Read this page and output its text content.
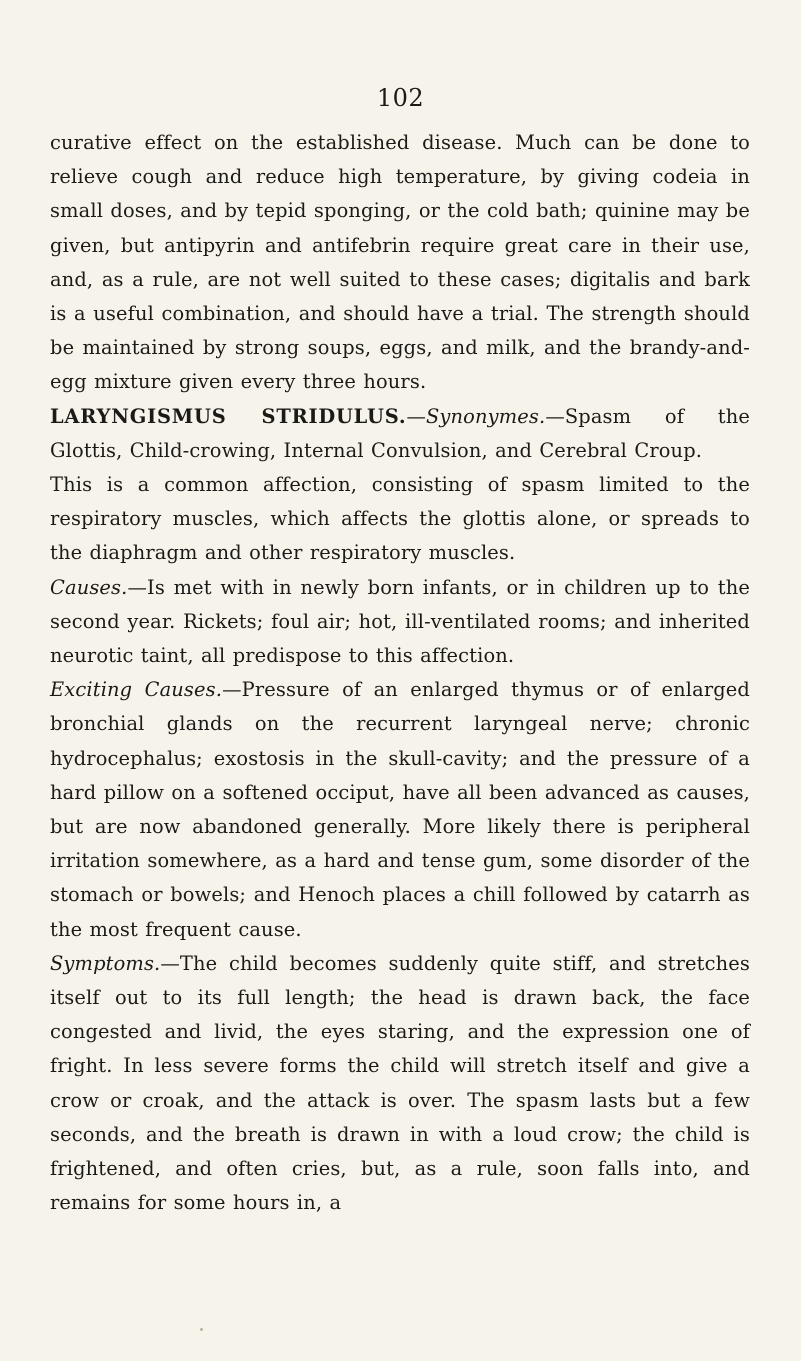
102

curative effect on the established disease. Much can be done to relieve cough and reduce high temperature, by giving codeia in small doses, and by tepid sponging, or the cold bath; quinine may be given, but antipyrin and antifebrin require great care in their use, and, as a rule, are not well suited to these cases; digitalis and bark is a useful combination, and should have a trial. The strength should be maintained by strong soups, eggs, and milk, and the brandy-and-egg mixture given every three hours.

LARYNGISMUS STRIDULUS.—Synonymes.—Spasm of the Glottis, Child-crowing, Internal Convulsion, and Cerebral Croup.

This is a common affection, consisting of spasm limited to the respiratory muscles, which affects the glottis alone, or spreads to the diaphragm and other respiratory muscles.

Causes.—Is met with in newly born infants, or in children up to the second year. Rickets; foul air; hot, ill-ventilated rooms; and inherited neurotic taint, all predispose to this affection.

Exciting Causes.—Pressure of an enlarged thymus or of enlarged bronchial glands on the recurrent laryngeal nerve; chronic hydrocephalus; exostosis in the skull-cavity; and the pressure of a hard pillow on a softened occiput, have all been advanced as causes, but are now abandoned generally. More likely there is peripheral irritation somewhere, as a hard and tense gum, some disorder of the stomach or bowels; and Henoch places a chill followed by catarrh as the most frequent cause.

Symptoms.—The child becomes suddenly quite stiff, and stretches itself out to its full length; the head is drawn back, the face congested and livid, the eyes staring, and the expression one of fright. In less severe forms the child will stretch itself and give a crow or croak, and the attack is over. The spasm lasts but a few seconds, and the breath is drawn in with a loud crow; the child is frightened, and often cries, but, as a rule, soon falls into, and remains for some hours in, a
